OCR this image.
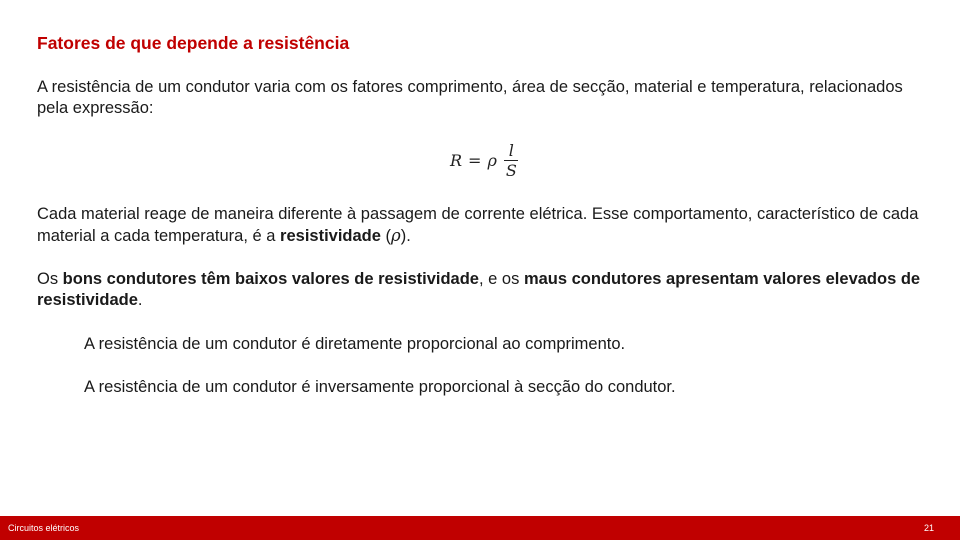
Fatores de que depende a resistência
A resistência de um condutor varia com os fatores comprimento, área de secção, material e temperatura, relacionados pela expressão:
R = ρ $\frac{l}{S}$
Cada material reage de maneira diferente à passagem de corrente elétrica. Esse comportamento, característico de cada material a cada temperatura, é a resistividade (ρ).
Os bons condutores têm baixos valores de resistividade, e os maus condutores apresentam valores elevados de resistividade.
A resistência de um condutor é diretamente proporcional ao comprimento.
A resistência de um condutor é inversamente proporcional à secção do condutor.
Circuitos elétricos	21
